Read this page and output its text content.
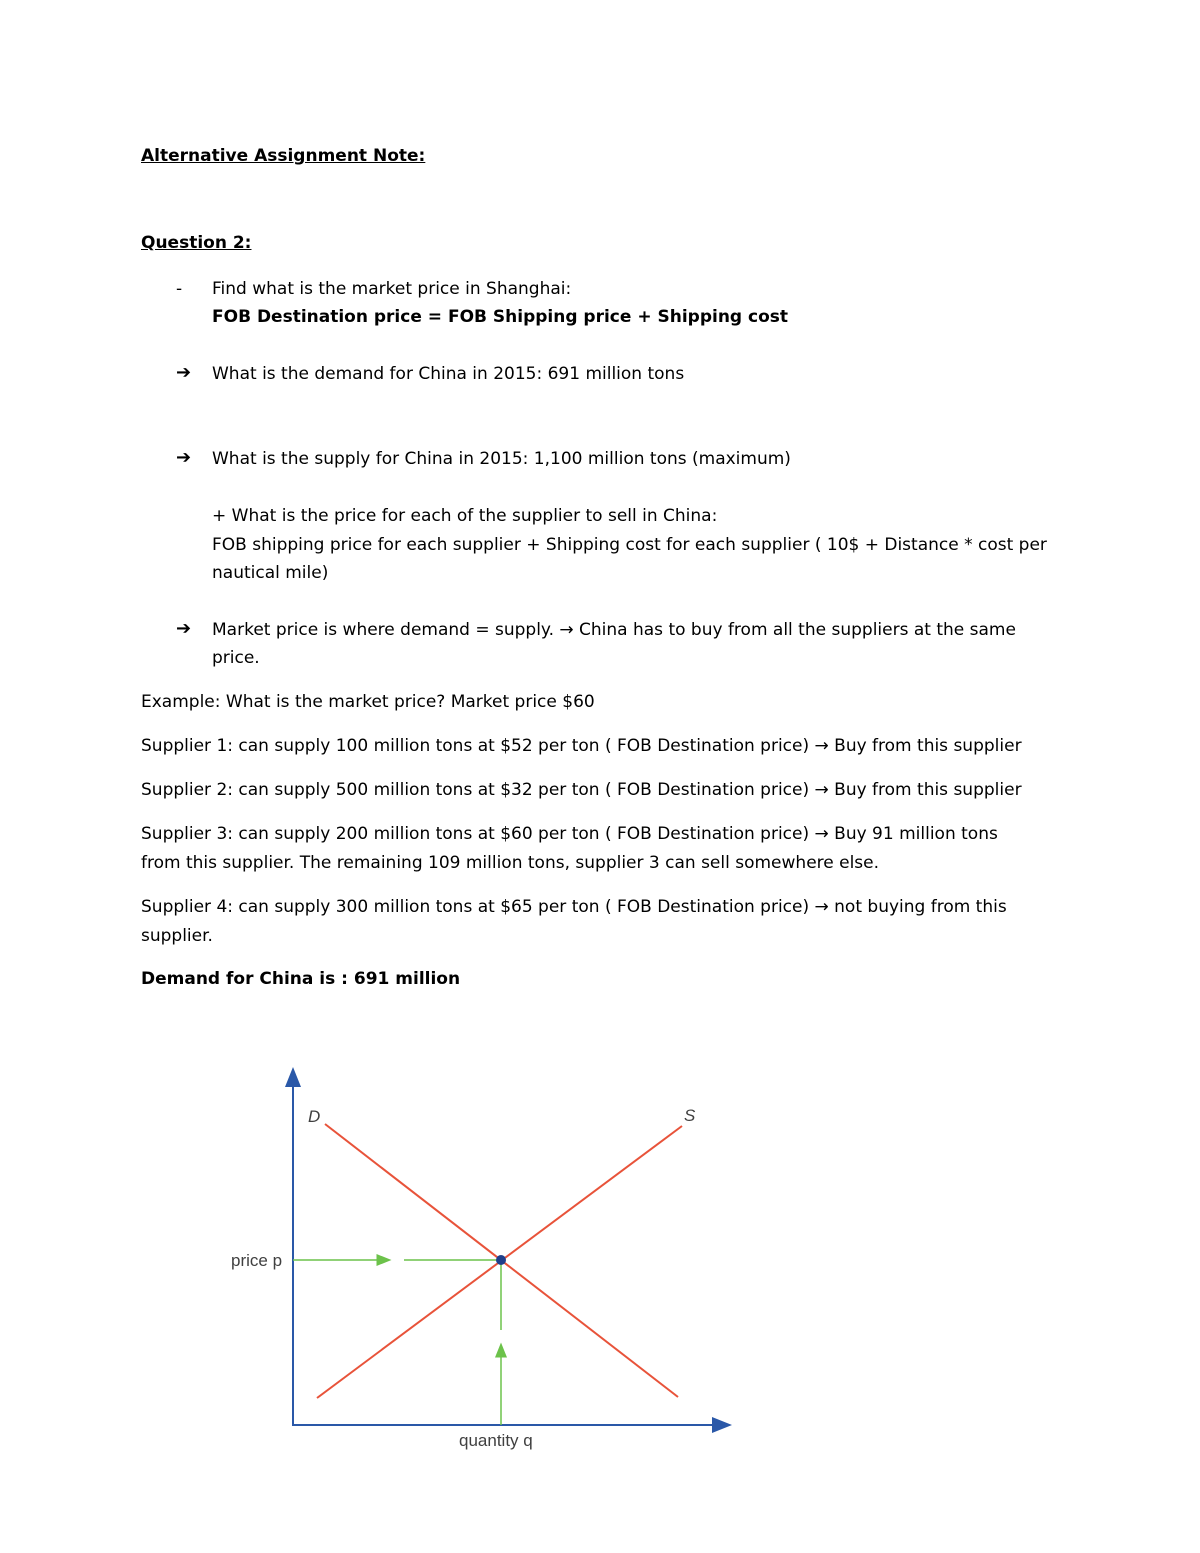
Alternative Assignment Note:
Question 2:
- Find what is the market price in Shanghai:
FOB Destination price = FOB Shipping price + Shipping cost
➔ What is the demand for China in 2015: 691 million tons
➔ What is the supply for China in 2015: 1,100 million tons (maximum)
+ What is the price for each of the supplier to sell in China:
FOB shipping price for each supplier + Shipping cost for each supplier ( 10$ + Distance * cost per
nautical mile)
➔ Market price is where demand = supply. → China has to buy from all the suppliers at the same
price.
Example: What is the market price? Market price $60
Supplier 1: can supply 100 million tons at $52 per ton ( FOB Destination price) → Buy from this supplier
Supplier 2: can supply 500 million tons at $32 per ton ( FOB Destination price) → Buy from this supplier
Supplier 3: can supply 200 million tons at $60 per ton ( FOB Destination price) → Buy 91 million tons
from this supplier. The remaining 109 million tons, supplier 3 can sell somewhere else.
Supplier 4: can supply 300 million tons at $65 per ton ( FOB Destination price) → not buying from this
supplier.
Demand for China is : 691 million
D	S
price p
quantity q
